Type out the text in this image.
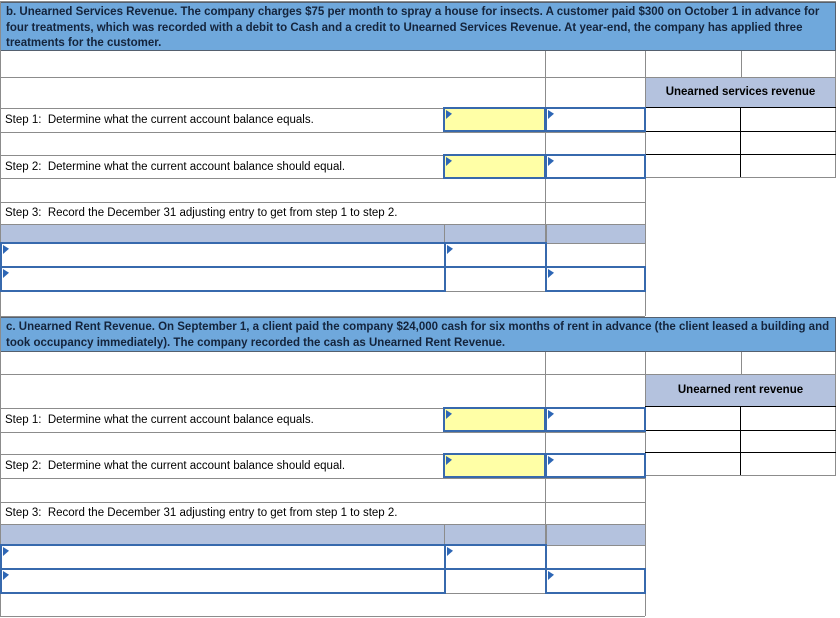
b. Unearned Services Revenue. The company charges $75 per month to spray a house for insects. A customer paid $300 on October 1 in advance for four treatments, which was recorded with a debit to Cash and a credit to Unearned Services Revenue. At year-end, the company has applied three treatments for the customer.
Unearned services revenue
Step 1:  Determine what the current account balance equals.
Step 2:  Determine what the current account balance should equal.
Step 3:  Record the December 31 adjusting entry to get from step 1 to step 2.
c. Unearned Rent Revenue. On September 1, a client paid the company $24,000 cash for six months of rent in advance (the client leased a building and took occupancy immediately). The company recorded the cash as Unearned Rent Revenue.
Unearned rent revenue
Step 1:  Determine what the current account balance equals.
Step 2:  Determine what the current account balance should equal.
Step 3:  Record the December 31 adjusting entry to get from step 1 to step 2.
